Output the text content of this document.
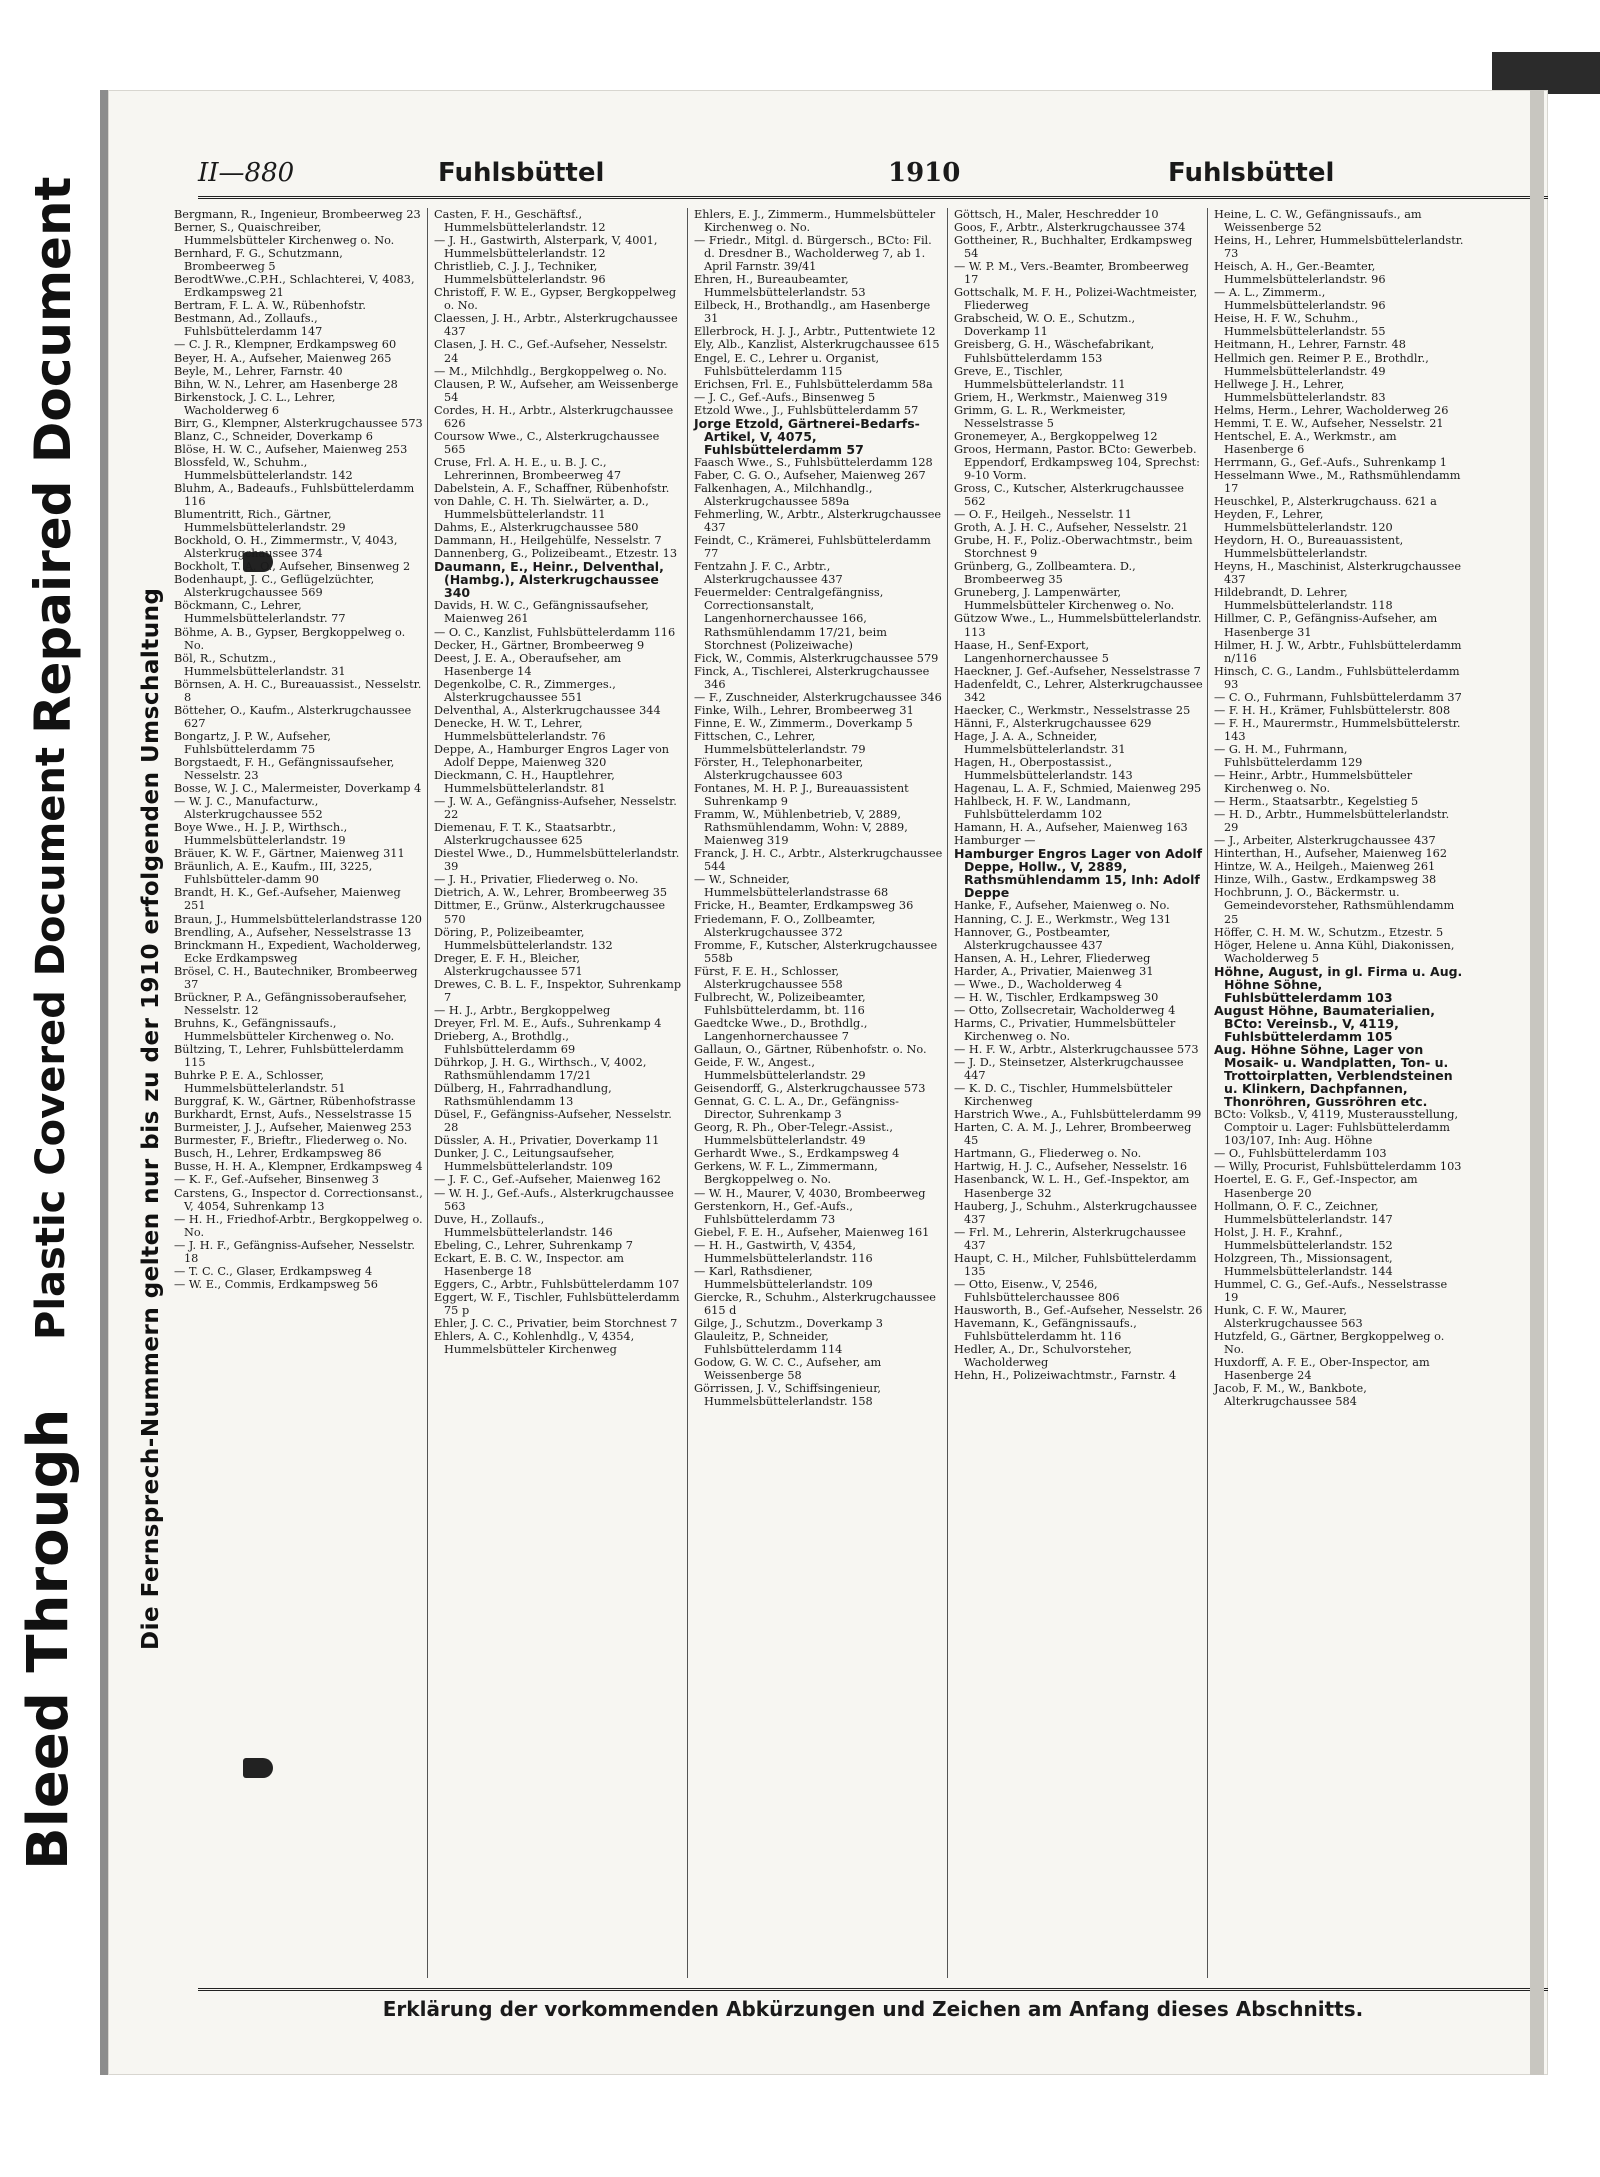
Repaired Document
Plastic Covered Document
Bleed Through Die Fernsprech-Nummern gelten nur bis zu der 1910 erfolgenden Umschaltung
II—880	Fuhlsbüttel	1910	Fuhlsbüttel

Bergmann, R., Ingenieur, Brombeerweg 23

Berner, S., Quaischreiber, Hummelsbütteler Kirchenweg o. No.

Bernhard, F. G., Schutzmann, Brombeerweg 5

BerodtWwe.,C.P.H., Schlachterei, V, 4083, Erdkampsweg 21

Bertram, F. L. A. W., Rübenhofstr.

Bestmann, Ad., Zollaufs., Fuhlsbüttelerdamm 147

— C. J. R., Klempner, Erdkampsweg 60

Beyer, H. A., Aufseher, Maienweg 265

Beyle, M., Lehrer, Farnstr. 40

Bihn, W. N., Lehrer, am Hasenberge 28

Birkenstock, J. C. L., Lehrer, Wacholderweg 6

Birr, G., Klempner, Alsterkrugchaussee 573

Blanz, C., Schneider, Doverkamp 6

Blöse, H. W. C., Aufseher, Maienweg 253

Blossfeld, W., Schuhm., Hummelsbüttelerlandstr. 142

Bluhm, A., Badeaufs., Fuhlsbüttelerdamm 116

Blumentritt, Rich., Gärtner, Hummelsbüttelerlandstr. 29

Bockhold, O. H., Zimmermstr., V, 4043, Alsterkrugchaussee 374

Bockholt, T. A. O., Aufseher, Binsenweg 2

Bodenhaupt, J. C., Geflügelzüchter, Alsterkrugchaussee 569

Böckmann, C., Lehrer, Hummelsbüttelerlandstr. 77

Böhme, A. B., Gypser, Bergkoppelweg o. No.

Böl, R., Schutzm., Hummelsbüttelerlandstr. 31

Börnsen, A. H. C., Bureauassist., Nesselstr. 8

Bötteher, O., Kaufm., Alsterkrugchaussee 627

Bongartz, J. P. W., Aufseher, Fuhlsbüttelerdamm 75

Borgstaedt, F. H., Gefängnissaufseher, Nesselstr. 23

Bosse, W. J. C., Malermeister, Doverkamp 4

— W. J. C., Manufacturw., Alsterkrugchaussee 552

Boye Wwe., H. J. P., Wirthsch., Hummelsbüttelerlandstr. 19

Bräuer, K. W. F., Gärtner, Maienweg 311

Bräunlich, A. E., Kaufm., III, 3225, Fuhlsbütteler-damm 90

Brandt, H. K., Gef.-Aufseher, Maienweg 251

Braun, J., Hummelsbüttelerlandstrasse 120

Brendling, A., Aufseher, Nesselstrasse 13

Brinckmann H., Expedient, Wacholderweg, Ecke Erdkampsweg

Brösel, C. H., Bautechniker, Brombeerweg 37

Brückner, P. A., Gefängnissoberaufseher, Nesselstr. 12

Bruhns, K., Gefängnissaufs., Hummelsbütteler Kirchenweg o. No.

Bültzing, T., Lehrer, Fuhlsbüttelerdamm 115

Buhrke P. E. A., Schlosser, Hummelsbüttelerlandstr. 51

Burggraf, K. W., Gärtner, Rübenhofstrasse

Burkhardt, Ernst, Aufs., Nesselstrasse 15

Burmeister, J. J., Aufseher, Maienweg 253

Burmester, F., Brieftr., Fliederweg o. No.

Busch, H., Lehrer, Erdkampsweg 86

Busse, H. H. A., Klempner, Erdkampsweg 4

— K. F., Gef.-Aufseher, Binsenweg 3

Carstens, G., Inspector d. Correctionsanst., V, 4054, Suhrenkamp 13

— H. H., Friedhof-Arbtr., Bergkoppelweg o. No.

— J. H. F., Gefängniss-Aufseher, Nesselstr. 18

— T. C. C., Glaser, Erdkampsweg 4

— W. E., Commis, Erdkampsweg 56

Casten, F. H., Geschäftsf., Hummelsbüttelerlandstr. 12

— J. H., Gastwirth, Alsterpark, V, 4001, Hummelsbüttelerlandstr. 12

Christlieb, C. J. J., Techniker, Hummelsbüttelerlandstr. 96

Christoff, F. W. E., Gypser, Bergkoppelweg o. No.

Claessen, J. H., Arbtr., Alsterkrugchaussee 437

Clasen, J. H. C., Gef.-Aufseher, Nesselstr. 24

— M., Milchhdlg., Bergkoppelweg o. No.

Clausen, P. W., Aufseher, am Weissenberge 54

Cordes, H. H., Arbtr., Alsterkrugchaussee 626

Coursow Wwe., C., Alsterkrugchaussee 565

Cruse, Frl. A. H. E., u. B. J. C., Lehrerinnen, Brombeerweg 47

Dabelstein, A. F., Schaffner, Rübenhofstr.

von Dahle, C. H. Th. Sielwärter, a. D., Hummelsbüttelerlandstr. 11

Dahms, E., Alsterkrugchaussee 580

Dammann, H., Heilgehülfe, Nesselstr. 7

Dannenberg, G., Polizeibeamt., Etzestr. 13

Daumann, E., Heinr., Delventhal, (Hambg.), Alsterkrugchaussee 340

Davids, H. W. C., Gefängnissaufseher, Maienweg 261

— O. C., Kanzlist, Fuhlsbüttelerdamm 116

Decker, H., Gärtner, Brombeerweg 9

Deest, J. E. A., Oberaufseher, am Hasenberge 14

Degenkolbe, C. R., Zimmerges., Alsterkrugchaussee 551

Delventhal, A., Alsterkrugchaussee 344

Denecke, H. W. T., Lehrer, Hummelsbüttelerlandstr. 76

Deppe, A., Hamburger Engros Lager von Adolf Deppe, Maienweg 320

Dieckmann, C. H., Hauptlehrer, Hummelsbüttelerlandstr. 81

— J. W. A., Gefängniss-Aufseher, Nesselstr. 22

Diemenau, F. T. K., Staatsarbtr., Alsterkrugchaussee 625

Diestel Wwe., D., Hummelsbüttelerlandstr. 39

— J. H., Privatier, Fliederweg o. No.

Dietrich, A. W., Lehrer, Brombeerweg 35

Dittmer, E., Grünw., Alsterkrugchaussee 570

Döring, P., Polizeibeamter, Hummelsbüttelerlandstr. 132

Dreger, E. F. H., Bleicher, Alsterkrugchaussee 571

Drewes, C. B. L. F., Inspektor, Suhrenkamp 7

— H. J., Arbtr., Bergkoppelweg

Dreyer, Frl. M. E., Aufs., Suhrenkamp 4

Drieberg, A., Brothdlg., Fuhlsbüttelerdamm 69

Dührkop, J. H. G., Wirthsch., V, 4002, Rathsmühlendamm 17/21

Dülberg, H., Fahrradhandlung, Rathsmühlendamm 13

Düsel, F., Gefängniss-Aufseher, Nesselstr. 28

Düssler, A. H., Privatier, Doverkamp 11

Dunker, J. C., Leitungsaufseher, Hummelsbüttelerlandstr. 109

— J. F. C., Gef.-Aufseher, Maienweg 162

— W. H. J., Gef.-Aufs., Alsterkrugchaussee 563

Duve, H., Zollaufs., Hummelsbüttelerlandstr. 146

Ebeling, C., Lehrer, Suhrenkamp 7

Eckart, E. B. C. W., Inspector. am Hasenberge 18

Eggers, C., Arbtr., Fuhlsbüttelerdamm 107

Eggert, W. F., Tischler, Fuhlsbüttelerdamm 75 p

Ehler, J. C. C., Privatier, beim Storchnest 7

Ehlers, A. C., Kohlenhdlg., V, 4354, Hummelsbütteler Kirchenweg

Ehlers, E. J., Zimmerm., Hummelsbütteler Kirchenweg o. No.

— Friedr., Mitgl. d. Bürgersch., BCto: Fil. d. Dresdner B., Wacholderweg 7, ab 1. April Farnstr. 39/41

Ehren, H., Bureaubeamter, Hummelsbüttelerlandstr. 53

Eilbeck, H., Brothandlg., am Hasenberge 31

Ellerbrock, H. J. J., Arbtr., Puttentwiete 12

Ely, Alb., Kanzlist, Alsterkrugchaussee 615

Engel, E. C., Lehrer u. Organist, Fuhlsbüttelerdamm 115

Erichsen, Frl. E., Fuhlsbüttelerdamm 58a

— J. C., Gef.-Aufs., Binsenweg 5

Etzold Wwe., J., Fuhlsbüttelerdamm 57

Jorge Etzold, Gärtnerei-Bedarfs-Artikel, V, 4075, Fuhlsbüttelerdamm 57

Faasch Wwe., S., Fuhlsbüttelerdamm 128

Faber, C. G. O., Aufseher, Maienweg 267

Falkenhagen, A., Milchhandlg., Alsterkrugchaussee 589a

Fehmerling, W., Arbtr., Alsterkrugchaussee 437

Feindt, C., Krämerei, Fuhlsbüttelerdamm 77

Fentzahn J. F. C., Arbtr., Alsterkrugchaussee 437

Feuermelder: Centralgefängniss, Correctionsanstalt, Langenhornerchaussee 166, Rathsmühlendamm 17/21, beim Storchnest (Polizeiwache)

Fick, W., Commis, Alsterkrugchaussee 579

Finck, A., Tischlerei, Alsterkrugchaussee 346

— F., Zuschneider, Alsterkrugchaussee 346

Finke, Wilh., Lehrer, Brombeerweg 31

Finne, E. W., Zimmerm., Doverkamp 5

Fittschen, C., Lehrer, Hummelsbüttelerlandstr. 79

Förster, H., Telephonarbeiter, Alsterkrugchaussee 603

Fontanes, M. H. P. J., Bureauassistent Suhrenkamp 9

Framm, W., Mühlenbetrieb, V, 2889, Rathsmühlendamm, Wohn: V, 2889, Maienweg 319

Franck, J. H. C., Arbtr., Alsterkrugchaussee 544

— W., Schneider, Hummelsbüttelerlandstrasse 68

Fricke, H., Beamter, Erdkampsweg 36

Friedemann, F. O., Zollbeamter, Alsterkrugchaussee 372

Fromme, F., Kutscher, Alsterkrugchaussee 558b

Fürst, F. E. H., Schlosser, Alsterkrugchaussee 558

Fulbrecht, W., Polizeibeamter, Fuhlsbüttelerdamm, bt. 116

Gaedtcke Wwe., D., Brothdlg., Langenhornerchaussee 7

Gallaun, O., Gärtner, Rübenhofstr. o. No.

Geide, F. W., Angest., Hummelsbüttelerlandstr. 29

Geisendorff, G., Alsterkrugchaussee 573

Gennat, G. C. L. A., Dr., Gefängniss-Director, Suhrenkamp 3

Georg, R. Ph., Ober-Telegr.-Assist., Hummelsbüttelerlandstr. 49

Gerhardt Wwe., S., Erdkampsweg 4

Gerkens, W. F. L., Zimmermann, Bergkoppelweg o. No.

— W. H., Maurer, V, 4030, Brombeerweg

Gerstenkorn, H., Gef.-Aufs., Fuhlsbüttelerdamm 73

Giebel, F. E. H., Aufseher, Maienweg 161

— H. H., Gastwirth, V, 4354, Hummelsbüttelerlandstr. 116

— Karl, Rathsdiener, Hummelsbüttelerlandstr. 109

Giercke, R., Schuhm., Alsterkrugchaussee 615 d

Gilge, J., Schutzm., Doverkamp 3

Glauleitz, P., Schneider, Fuhlsbüttelerdamm 114

Godow, G. W. C. C., Aufseher, am Weissenberge 58

Görrissen, J. V., Schiffsingenieur, Hummelsbüttelerlandstr. 158

Göttsch, H., Maler, Heschredder 10

Goos, F., Arbtr., Alsterkrugchaussee 374

Gottheiner, R., Buchhalter, Erdkampsweg 54

— W. P. M., Vers.-Beamter, Brombeerweg 17

Gottschalk, M. F. H., Polizei-Wachtmeister, Fliederweg

Grabscheid, W. O. E., Schutzm., Doverkamp 11

Greisberg, G. H., Wäschefabrikant, Fuhlsbüttelerdamm 153

Greve, E., Tischler, Hummelsbüttelerlandstr. 11

Griem, H., Werkmstr., Maienweg 319

Grimm, G. L. R., Werkmeister, Nesselstrasse 5

Gronemeyer, A., Bergkoppelweg 12

Groos, Hermann, Pastor. BCto: Gewerbeb. Eppendorf, Erdkampsweg 104, Sprechst: 9-10 Vorm.

Gross, C., Kutscher, Alsterkrugchaussee 562

— O. F., Heilgeh., Nesselstr. 11

Groth, A. J. H. C., Aufseher, Nesselstr. 21

Grube, H. F., Poliz.-Oberwachtmstr., beim Storchnest 9

Grünberg, G., Zollbeamtera. D., Brombeerweg 35

Gruneberg, J. Lampenwärter, Hummelsbütteler Kirchenweg o. No.

Gützow Wwe., L., Hummelsbüttelerlandstr. 113

Haase, H., Senf-Export, Langenhornerchaussee 5

Haeckner, J. Gef.-Aufseher, Nesselstrasse 7

Hadenfeldt, C., Lehrer, Alsterkrugchaussee 342

Haecker, C., Werkmstr., Nesselstrasse 25

Hänni, F., Alsterkrugchaussee 629

Hage, J. A. A., Schneider, Hummelsbüttelerlandstr. 31

Hagen, H., Oberpostassist., Hummelsbüttelerlandstr. 143

Hagenau, L. A. F., Schmied, Maienweg 295

Hahlbeck, H. F. W., Landmann, Fuhlsbüttelerdamm 102

Hamann, H. A., Aufseher, Maienweg 163

Hamburger —

Hamburger Engros Lager von Adolf Deppe, Hollw., V, 2889, Rathsmühlendamm 15, Inh: Adolf Deppe

Hanke, F., Aufseher, Maienweg o. No.

Hanning, C. J. E., Werkmstr., Weg 131

Hannover, G., Postbeamter, Alsterkrugchaussee 437

Hansen, A. H., Lehrer, Fliederweg

Harder, A., Privatier, Maienweg 31

— Wwe., D., Wacholderweg 4

— H. W., Tischler, Erdkampsweg 30

— Otto, Zollsecretair, Wacholderweg 4

Harms, C., Privatier, Hummelsbütteler Kirchenweg o. No.

— H. F. W., Arbtr., Alsterkrugchaussee 573

— J. D., Steinsetzer, Alsterkrugchaussee 447

— K. D. C., Tischler, Hummelsbütteler Kirchenweg

Harstrich Wwe., A., Fuhlsbüttelerdamm 99

Harten, C. A. M. J., Lehrer, Brombeerweg 45

Hartmann, G., Fliederweg o. No.

Hartwig, H. J. C., Aufseher, Nesselstr. 16

Hasenbanck, W. L. H., Gef.-Inspektor, am Hasenberge 32

Hauberg, J., Schuhm., Alsterkrugchaussee 437

— Frl. M., Lehrerin, Alsterkrugchaussee 437

Haupt, C. H., Milcher, Fuhlsbüttelerdamm 135

— Otto, Eisenw., V, 2546, Fuhlsbüttelerchaussee 806

Hausworth, B., Gef.-Aufseher, Nesselstr. 26

Havemann, K., Gefängnissaufs., Fuhlsbüttelerdamm ht. 116

Hedler, A., Dr., Schulvorsteher, Wacholderweg

Hehn, H., Polizeiwachtmstr., Farnstr. 4

Heine, L. C. W., Gefängnissaufs., am Weissenberge 52

Heins, H., Lehrer, Hummelsbüttelerlandstr. 73

Heisch, A. H., Ger.-Beamter, Hummelsbüttelerlandstr. 96

— A. L., Zimmerm., Hummelsbüttelerlandstr. 96

Heise, H. F. W., Schuhm., Hummelsbüttelerlandstr. 55

Heitmann, H., Lehrer, Farnstr. 48

Hellmich gen. Reimer P. E., Brothdlr., Hummelsbüttelerlandstr. 49

Hellwege J. H., Lehrer, Hummelsbüttelerlandstr. 83

Helms, Herm., Lehrer, Wacholderweg 26

Hemmi, T. E. W., Aufseher, Nesselstr. 21

Hentschel, E. A., Werkmstr., am Hasenberge 6

Herrmann, G., Gef.-Aufs., Suhrenkamp 1

Hesselmann Wwe., M., Rathsmühlendamm 17

Heuschkel, P., Alsterkrugchauss. 621 a

Heyden, F., Lehrer, Hummelsbüttelerlandstr. 120

Heydorn, H. O., Bureauassistent, Hummelsbüttelerlandstr.

Heyns, H., Maschinist, Alsterkrugchaussee 437

Hildebrandt, D. Lehrer, Hummelsbüttelerlandstr. 118

Hillmer, C. P., Gefängniss-Aufseher, am Hasenberge 31

Hilmer, H. J. W., Arbtr., Fuhlsbüttelerdamm n/116

Hinsch, C. G., Landm., Fuhlsbüttelerdamm 93

— C. O., Fuhrmann, Fuhlsbüttelerdamm 37

— F. H. H., Krämer, Fuhlsbüttelerstr. 808

— F. H., Maurermstr., Hummelsbüttelerstr. 143

— G. H. M., Fuhrmann, Fuhlsbüttelerdamm 129

— Heinr., Arbtr., Hummelsbütteler Kirchenweg o. No.

— Herm., Staatsarbtr., Kegelstieg 5

— H. D., Arbtr., Hummelsbüttelerlandstr. 29

— J., Arbeiter, Alsterkrugchaussee 437

Hinterthan, H., Aufseher, Maienweg 162

Hintze, W. A., Heilgeh., Maienweg 261

Hinze, Wilh., Gastw., Erdkampsweg 38

Hochbrunn, J. O., Bäckermstr. u. Gemeindevorsteher, Rathsmühlendamm 25

Höffer, C. H. M. W., Schutzm., Etzestr. 5

Höger, Helene u. Anna Kühl, Diakonissen, Wacholderweg 5

Höhne, August, in gl. Firma u. Aug. Höhne Söhne, Fuhlsbüttelerdamm 103

August Höhne, Baumaterialien, BCto: Vereinsb., V, 4119, Fuhlsbüttelerdamm 105

Aug. Höhne Söhne, Lager von Mosaik- u. Wandplatten, Ton- u. Trottoirplatten, Verblendsteinen u. Klinkern, Dachpfannen, Thonröhren, Gussröhren etc.

BCto: Volksb., V, 4119, Musterausstellung, Comptoir u. Lager: Fuhlsbüttelerdamm 103/107, Inh: Aug. Höhne

— O., Fuhlsbüttelerdamm 103

— Willy, Procurist, Fuhlsbüttelerdamm 103

Hoertel, E. G. F., Gef.-Inspector, am Hasenberge 20

Hollmann, O. F. C., Zeichner, Hummelsbüttelerlandstr. 147

Holst, J. H. F., Krahnf., Hummelsbüttelerlandstr. 152

Holzgreen, Th., Missionsagent, Hummelsbüttelerlandstr. 144

Hummel, C. G., Gef.-Aufs., Nesselstrasse 19

Hunk, C. F. W., Maurer, Alsterkrugchaussee 563

Hutzfeld, G., Gärtner, Bergkoppelweg o. No.

Huxdorff, A. F. E., Ober-Inspector, am Hasenberge 24

Jacob, F. M., W., Bankbote, Alterkrugchaussee 584

Erklärung der vorkommenden Abkürzungen und Zeichen am Anfang dieses Abschnitts.
